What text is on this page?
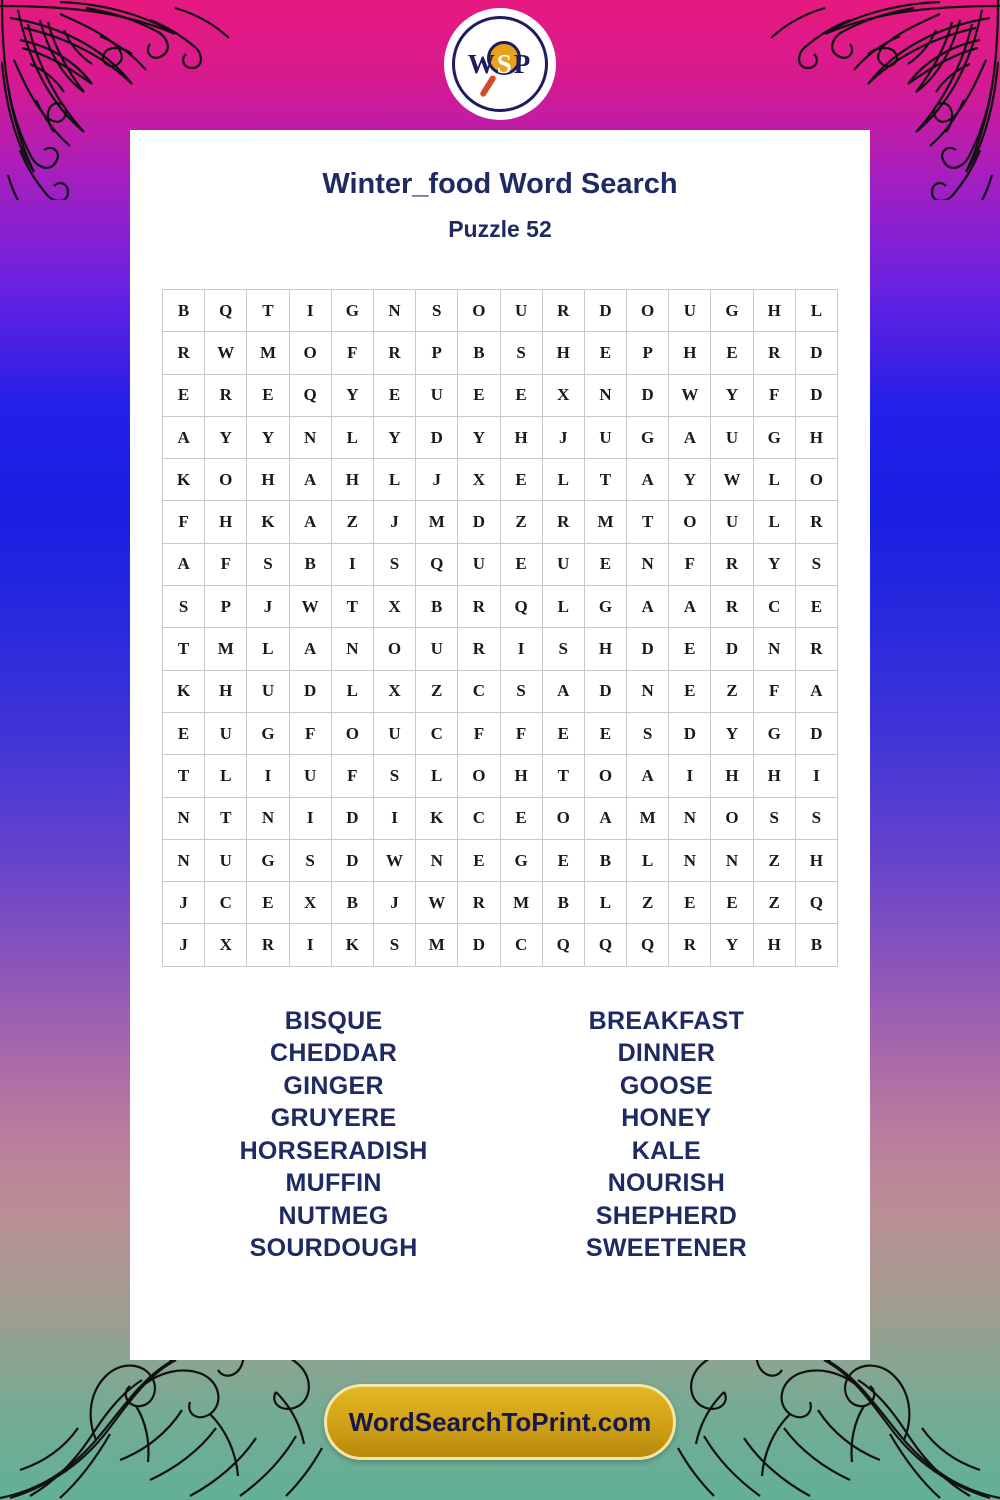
WSP
Winter_food Word Search
Puzzle 52
B	Q	T	I	G	N	S	O	U	R	D	O	U	G	H	L
R	W	M	O	F	R	P	B	S	H	E	P	H	E	R	D
E	R	E	Q	Y	E	U	E	E	X	N	D	W	Y	F	D
A	Y	Y	N	L	Y	D	Y	H	J	U	G	A	U	G	H
K	O	H	A	H	L	J	X	E	L	T	A	Y	W	L	O
F	H	K	A	Z	J	M	D	Z	R	M	T	O	U	L	R
A	F	S	B	I	S	Q	U	E	U	E	N	F	R	Y	S
S	P	J	W	T	X	B	R	Q	L	G	A	A	R	C	E
T	M	L	A	N	O	U	R	I	S	H	D	E	D	N	R
K	H	U	D	L	X	Z	C	S	A	D	N	E	Z	F	A
E	U	G	F	O	U	C	F	F	E	E	S	D	Y	G	D
T	L	I	U	F	S	L	O	H	T	O	A	I	H	H	I
N	T	N	I	D	I	K	C	E	O	A	M	N	O	S	S
N	U	G	S	D	W	N	E	G	E	B	L	N	N	Z	H
J	C	E	X	B	J	W	R	M	B	L	Z	E	E	Z	Q
J	X	R	I	K	S	M	D	C	Q	Q	Q	R	Y	H	B
BISQUE
CHEDDAR
GINGER
GRUYERE
HORSERADISH
MUFFIN
NUTMEG
SOURDOUGH
BREAKFAST
DINNER
GOOSE
HONEY
KALE
NOURISH
SHEPHERD
SWEETENER
WordSearchToPrint.com
